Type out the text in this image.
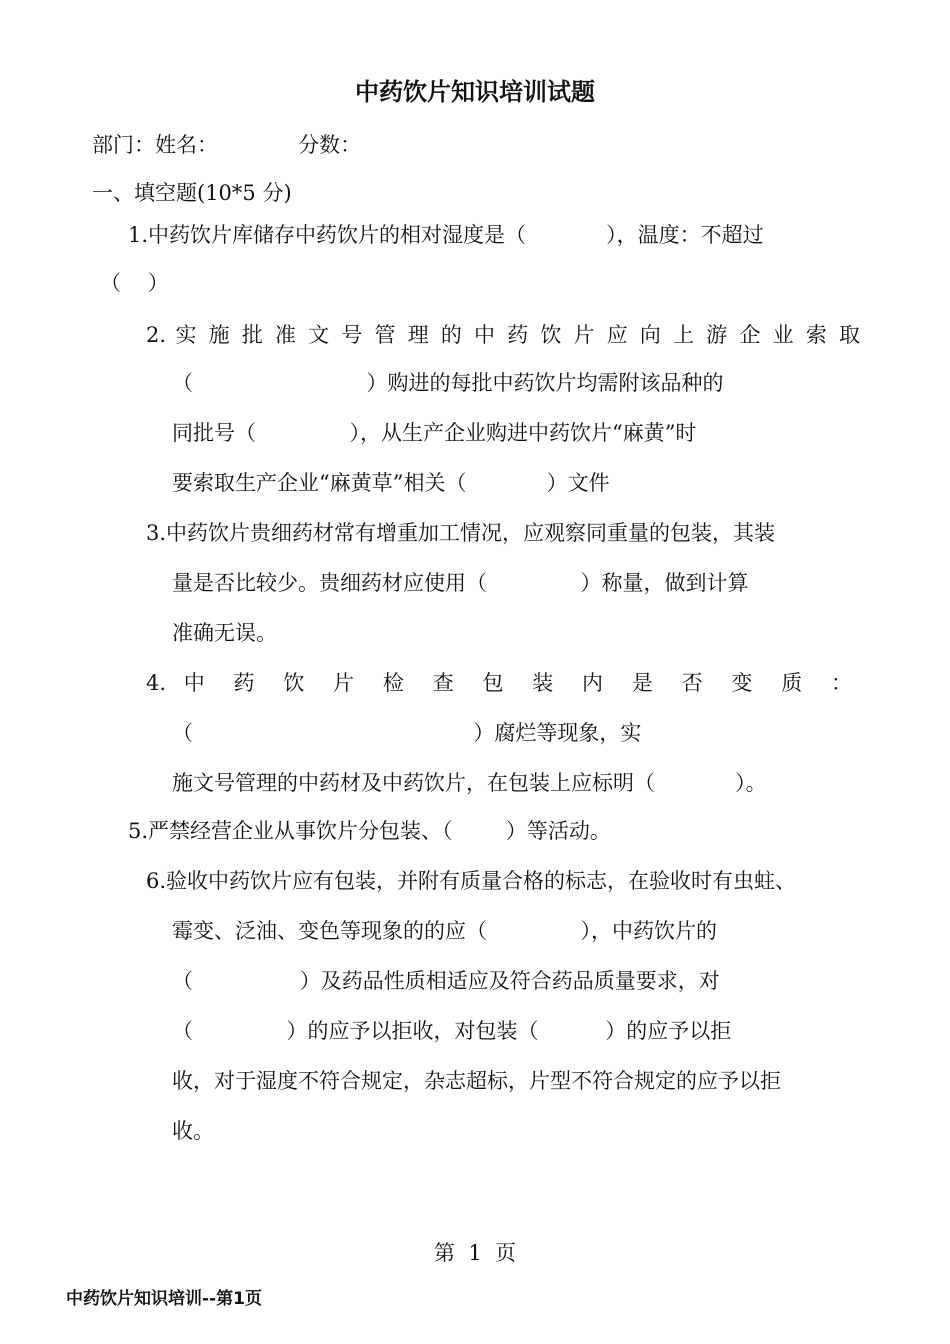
中药饮片知识培训试题
部门：姓名：            分数：
一、填空题(10*5 分)
1.中药饮片库储存中药饮片的相对湿度是（            ），温度：不超过
（    ）
2. 实 施 批 准 文 号 管 理 的 中 药 饮 片 应 向 上 游 企 业 索 取
（                          ）购进的每批中药饮片均需附该品种的
同批号（              ），从生产企业购进中药饮片“麻黄”时
要索取生产企业“麻黄草”相关（            ）文件
3.中药饮片贵细药材常有增重加工情况，应观察同重量的包装，其装
量是否比较少。贵细药材应使用（              ）称量，做到计算
准确无误。
4. 中 药 饮 片 检 查 包 装 内 是 否 变 质 ：
（                                          ）腐烂等现象，实
施文号管理的中药材及中药饮片，在包装上应标明（            ）。
5.严禁经营企业从事饮片分包装、（        ）等活动。
6.验收中药饮片应有包装，并附有质量合格的标志，在验收时有虫蛀、
霉变、泛油、变色等现象的的应（              ），中药饮片的
（                ）及药品性质相适应及符合药品质量要求，对
（              ）的应予以拒收，对包装（          ）的应予以拒
收，对于湿度不符合规定，杂志超标，片型不符合规定的应予以拒
收。
第  1  页
中药饮片知识培训--第1页
